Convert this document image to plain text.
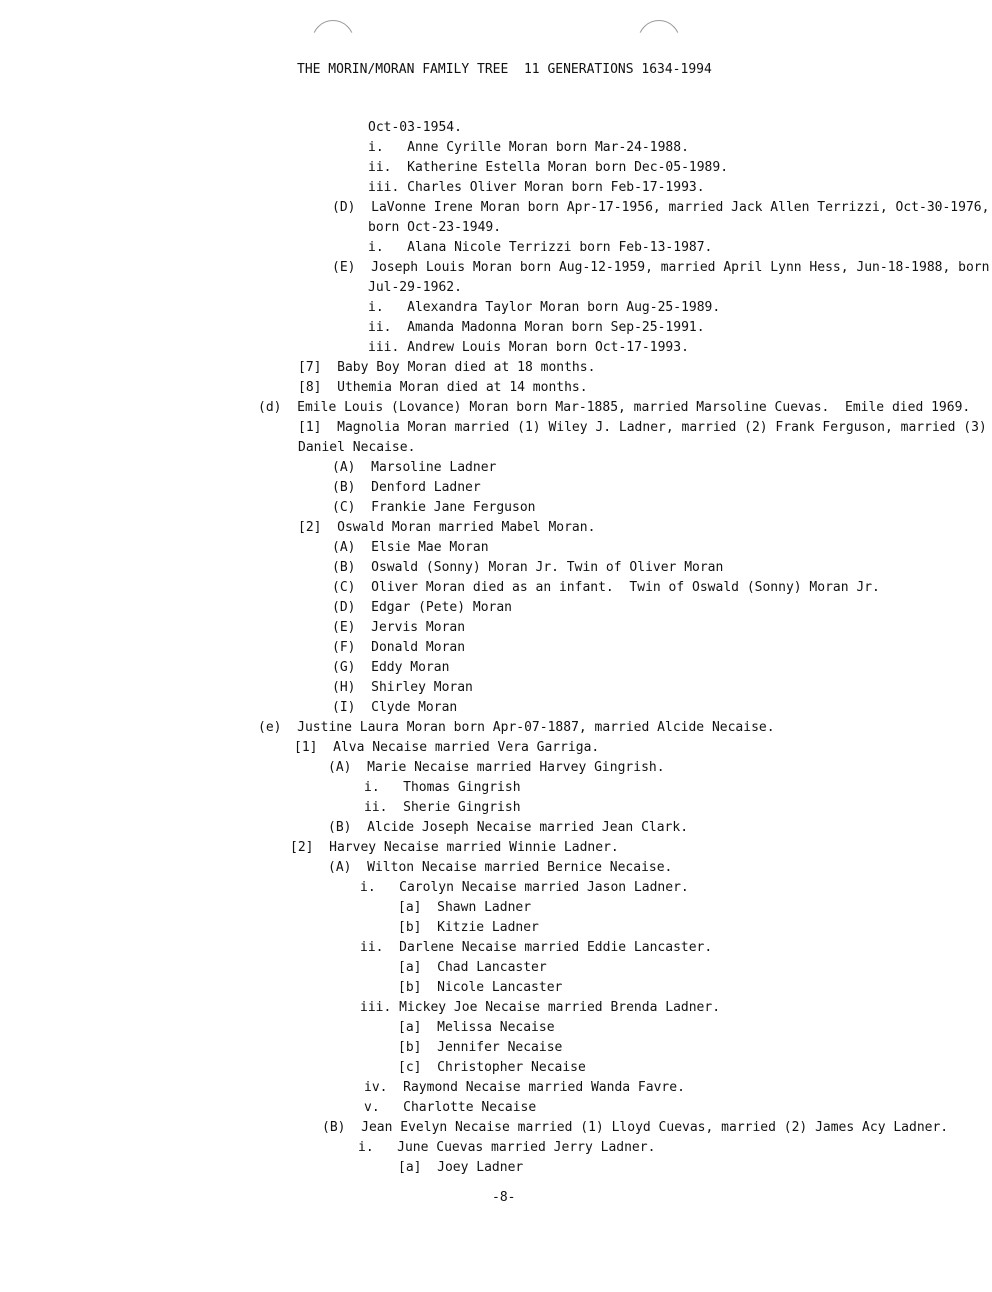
THE MORIN/MORAN FAMILY TREE  11 GENERATIONS 1634-1994
Oct-03-1954.
i.   Anne Cyrille Moran born Mar-24-1988.
ii.  Katherine Estella Moran born Dec-05-1989.
iii. Charles Oliver Moran born Feb-17-1993.
(D)  LaVonne Irene Moran born Apr-17-1956, married Jack Allen Terrizzi, Oct-30-1976,
born Oct-23-1949.
i.   Alana Nicole Terrizzi born Feb-13-1987.
(E)  Joseph Louis Moran born Aug-12-1959, married April Lynn Hess, Jun-18-1988, born
Jul-29-1962.
i.   Alexandra Taylor Moran born Aug-25-1989.
ii.  Amanda Madonna Moran born Sep-25-1991.
iii. Andrew Louis Moran born Oct-17-1993.
[7]  Baby Boy Moran died at 18 months.
[8]  Uthemia Moran died at 14 months.
(d)  Emile Louis (Lovance) Moran born Mar-1885, married Marsoline Cuevas.  Emile died 1969.
[1]  Magnolia Moran married (1) Wiley J. Ladner, married (2) Frank Ferguson, married (3)
Daniel Necaise.
(A)  Marsoline Ladner
(B)  Denford Ladner
(C)  Frankie Jane Ferguson
[2]  Oswald Moran married Mabel Moran.
(A)  Elsie Mae Moran
(B)  Oswald (Sonny) Moran Jr. Twin of Oliver Moran
(C)  Oliver Moran died as an infant.  Twin of Oswald (Sonny) Moran Jr.
(D)  Edgar (Pete) Moran
(E)  Jervis Moran
(F)  Donald Moran
(G)  Eddy Moran
(H)  Shirley Moran
(I)  Clyde Moran
(e)  Justine Laura Moran born Apr-07-1887, married Alcide Necaise.
[1]  Alva Necaise married Vera Garriga.
(A)  Marie Necaise married Harvey Gingrish.
i.   Thomas Gingrish
ii.  Sherie Gingrish
(B)  Alcide Joseph Necaise married Jean Clark.
[2]  Harvey Necaise married Winnie Ladner.
(A)  Wilton Necaise married Bernice Necaise.
i.   Carolyn Necaise married Jason Ladner.
[a]  Shawn Ladner
[b]  Kitzie Ladner
ii.  Darlene Necaise married Eddie Lancaster.
[a]  Chad Lancaster
[b]  Nicole Lancaster
iii. Mickey Joe Necaise married Brenda Ladner.
[a]  Melissa Necaise
[b]  Jennifer Necaise
[c]  Christopher Necaise
iv.  Raymond Necaise married Wanda Favre.
v.   Charlotte Necaise
(B)  Jean Evelyn Necaise married (1) Lloyd Cuevas, married (2) James Acy Ladner.
i.   June Cuevas married Jerry Ladner.
[a]  Joey Ladner
-8-
